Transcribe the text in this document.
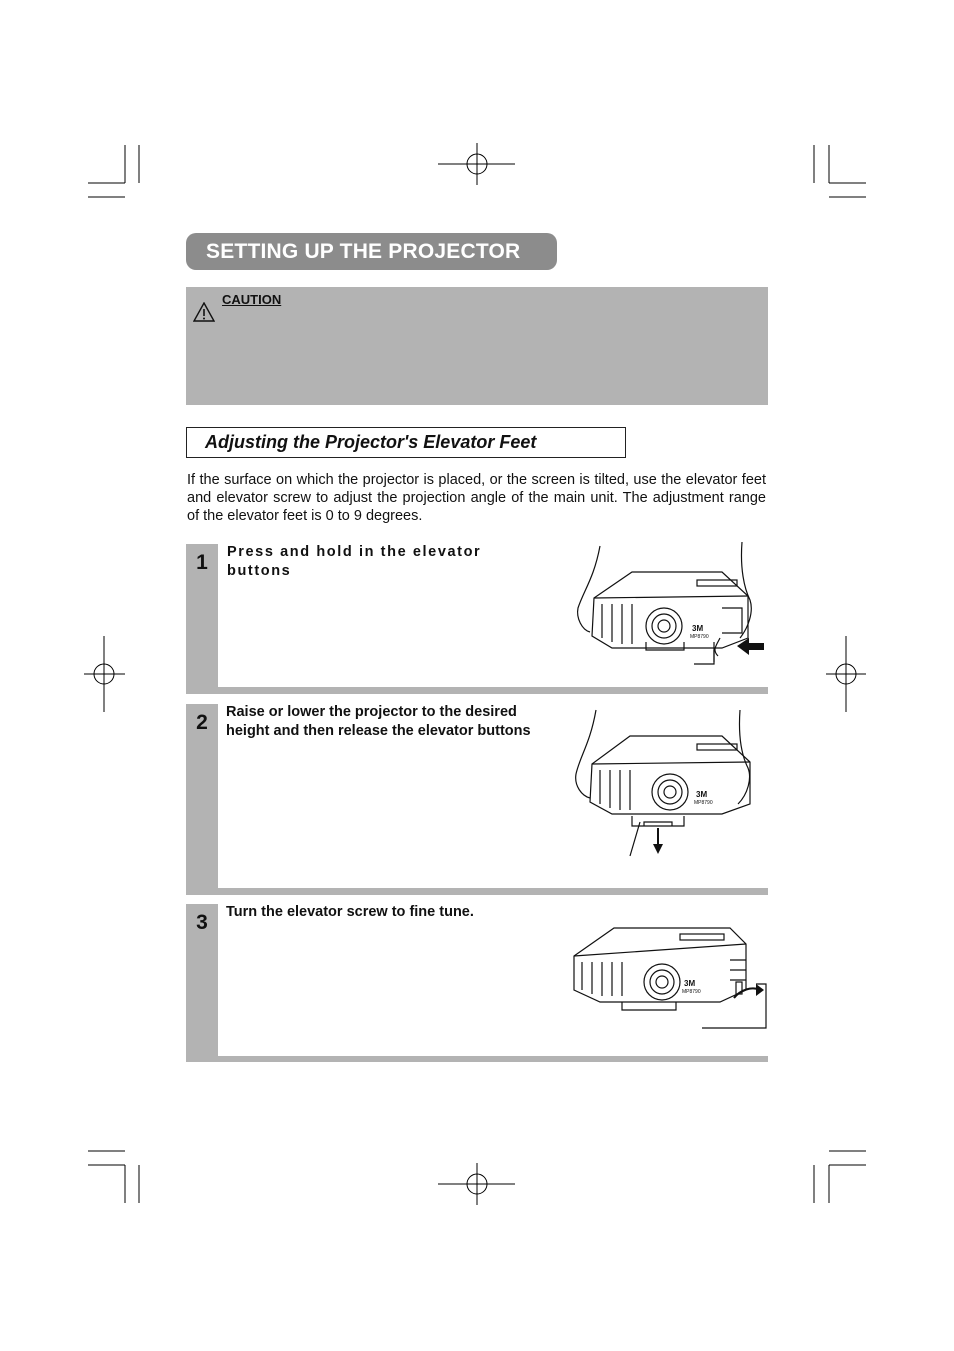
SETTING UP THE PROJECTOR
CAUTION
Adjusting the Projector's Elevator Feet
If the surface on which the projector is placed, or the screen is tilted, use the elevator feet and elevator screw to adjust the projection angle of the main unit. The adjustment range of the elevator feet is 0 to 9 degrees.
1	Press and hold in the elevator buttons
2	Raise or lower the projector to the desired height and then release the elevator buttons
3	Turn the elevator screw to fine tune.
3M
MP8790
3M
MP8790
3M
MP8790
